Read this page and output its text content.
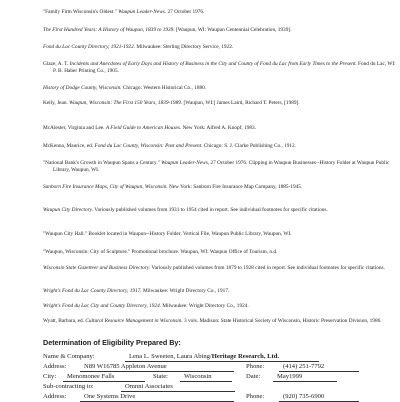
"Family Firm Wisconsin's Oldest." Waupun Leader-News. 27 October 1976.
The First Hundred Years: A History of Waupun, 1839 to 1939. [Waupun, WI: Waupun Centennial Celebration, 1939].
Fond du Lac County Directory, 1921-1922. Milwaukee: Sterling Directory Service, 1922.
Glaze, A. T. Incidents and Anecdotes of Early Days and History of Business in the City and County of Fond du Lac from Early Times to the Present. Fond du Lac, WI: P. B. Haber Printing Co., 1905.
History of Dodge County, Wisconsin. Chicago: Western Historical Co., 1880.
Kelly, Jean. Waupun, Wisconsin: The First 150 Years, 1839-1989. [Waupun, WI:] James Laird, Richard T. Peters, [1989].
McAlester, Virginia and Lee. A Field Guide to American Houses. New York: Alfred A. Knopf, 1983.
McKenna, Maurice, ed. Fond du Lac County, Wisconsin: Past and Present. Chicago: S. J. Clarke Publishing Co., 1912.
"National Bank's Growth in Waupun Spans a Century." Waupun Leader-News, 27 October 1976. Clipping in Waupun Businesses--History Folder at Waupun Public Library, Waupun, WI.
Sanborn Fire Insurance Maps, City of Waupun, Wisconsin. New York: Sanborn Fire Insurance Map Company, 1885-1945.
Waupun City Directory. Variously published volumes from 1931 to 1954 cited in report. See individual footnotes for specific citations.
"Waupun City Hall." Booklet located in Waupun--History Folder, Vertical File, Waupun Public Library, Waupun, WI.
"Waupun, Wisconsin: City of Sculpture." Promotional brochure. Waupun, WI: Waupun Office of Tourism, n.d.
Wisconsin State Gazetteer and Business Directory. Variously published volumes from 1879 to 1928 cited in report. See individual footnotes for specific citations.
Wright's Fond du Lac County Directory, 1917. Milwaukee: Wright Directory Co., 1917.
Wright's Fond du Lac City and County Directory, 1924. Milwaukee: Wright Directory Co., 1924.
Wyatt, Barbara, ed. Cultural Resource Management in Wisconsin. 3 vols. Madison: State Historical Society of Wisconsin, Historic Preservation Division, 1986.
Determination of Eligibility Prepared By:
Name & Company:	Lena L. Sweeten, Laura Abing/Heritage Research, Ltd.
Address:	N89 W16785 Appleton Avenue	Phone:	(414) 251-7792
City:	Menomonee Falls	State:	Wisconsin	Date:	May1999
Sub-contracting to:	Omnni Associates
Address:	One Systems Drive	Phone:	(920) 735-6900
